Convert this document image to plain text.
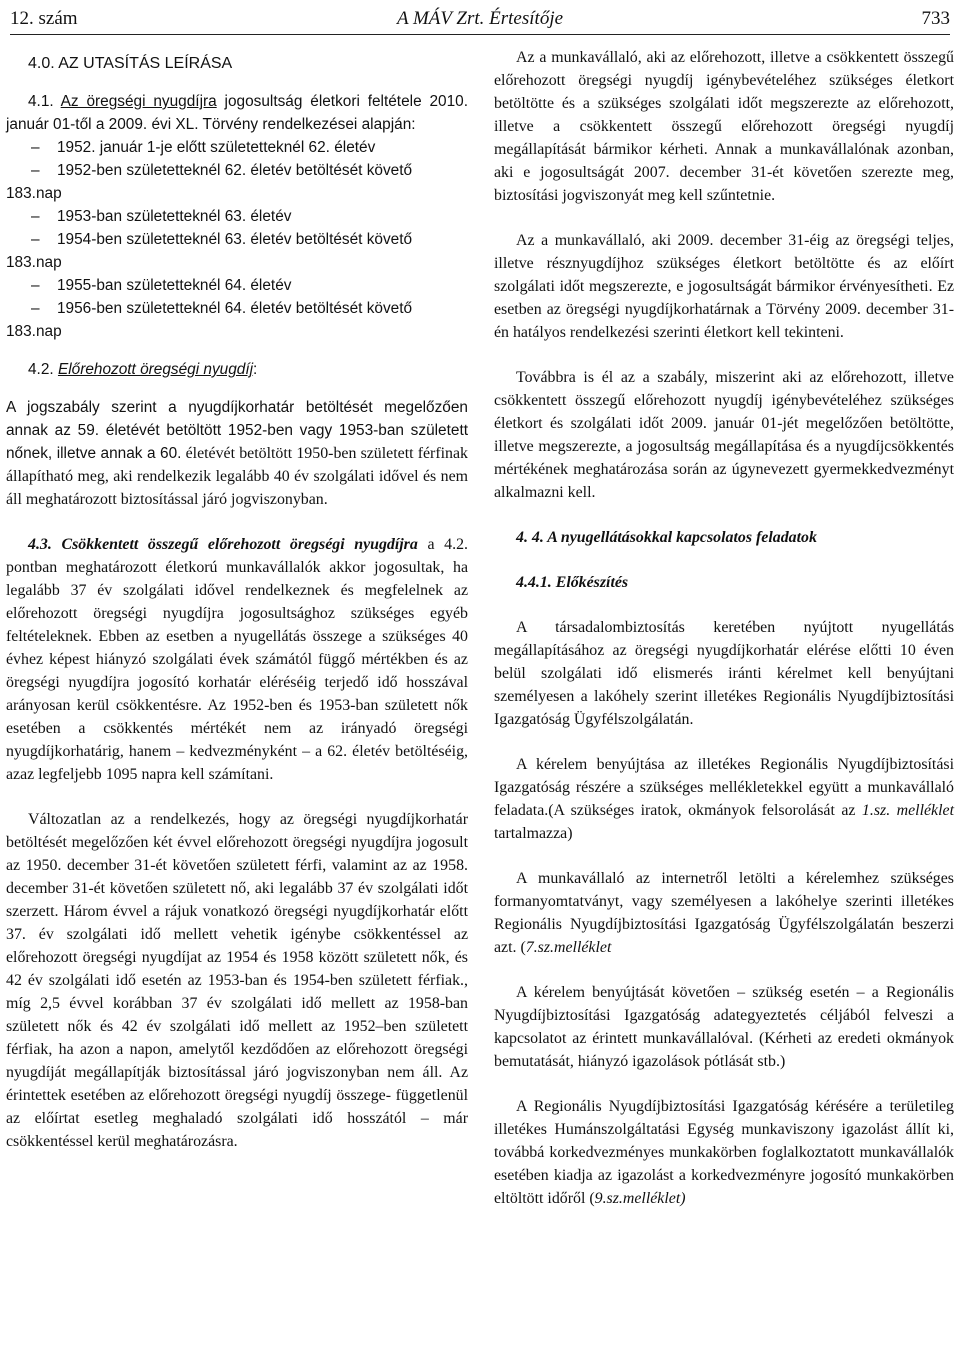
12. szám	A MÁV Zrt. Értesítője	733
4.0. AZ UTASÍTÁS LEÍRÁSA

4.1. Az öregségi nyugdíjra jogosultság életkori feltétele 2010. január 01-től a 2009. évi XL. Törvény rendelkezései alapján:

– 1952. január 1-je előtt születetteknél 62. életév
– 1952-ben születetteknél 62. életév betöltését követő
183.nap
– 1953-ban születetteknél 63. életév
– 1954-ben születetteknél 63. életév betöltését követő
183.nap
– 1955-ban születetteknél 64. életév
– 1956-ben születetteknél 64. életév betöltését követő
183.nap

4.2. Előrehozott öregségi nyugdíj:

A jogszabály szerint a nyugdíjkorhatár betöltését megelőzően annak az 59. életévét betöltött 1952-ben vagy 1953-ban született nőnek, illetve annak a 60. életévét betöltött 1950-ben született férfinak állapítható meg, aki rendelkezik legalább 40 év szolgálati idővel és nem áll meghatározott biztosítással járó jogviszonyban.

4.3. Csökkentett összegű előrehozott öregségi nyugdíjra a 4.2. pontban meghatározott életkorú munkavállalók akkor jogosultak, ha legalább 37 év szolgálati idővel rendelkeznek és megfelelnek az előrehozott öregségi nyugdíjra jogosultsághoz szükséges egyéb feltételeknek. Ebben az esetben a nyugellátás összege a szükséges 40 évhez képest hiányzó szolgálati évek számától függő mértékben és az öregségi nyugdíjra jogosító korhatár eléréséig terjedő idő hosszával arányosan kerül csökkentésre. Az 1952-ben és 1953-ban született nők esetében a csökkentés mértékét nem az irányadó öregségi nyugdíjkorhatárig, hanem – kedvezményként – a 62. életév betöltéséig, azaz legfeljebb 1095 napra kell számítani.

Változatlan az a rendelkezés, hogy az öregségi nyugdíjkorhatár betöltését megelőzően két évvel előrehozott öregségi nyugdíjra jogosult az 1950. december 31-ét követően született férfi, valamint az az 1958. december 31-ét követően született nő, aki legalább 37 év szolgálati időt szerzett. Három évvel a rájuk vonatkozó öregségi nyugdíjkorhatár előtt 37. év szolgálati idő mellett vehetik igénybe csökkentéssel az előrehozott öregségi nyugdíjat az 1954 és 1958 között született nők, és 42 év szolgálati idő esetén az 1953-ban és 1954-ben született férfiak., míg 2,5 évvel korábban 37 év szolgálati idő mellett az 1958-ban született nők és 42 év szolgálati idő mellett az 1952–ben született férfiak, ha azon a napon, amelytől kezdődően az előrehozott öregségi nyugdíját megállapítják biztosítással járó jogviszonyban nem áll. Az érintettek esetében az előrehozott öregségi nyugdíj összege- függetlenül az előírtat esetleg meghaladó szolgálati idő hosszától – már csökkentéssel kerül meghatározásra.

Az a munkavállaló, aki az előrehozott, illetve a csökkentett összegű előrehozott öregségi nyugdíj igénybevételéhez szükséges életkort betöltötte és a szükséges szolgálati időt megszerezte az előrehozott, illetve a csökkentett összegű előrehozott öregségi nyugdíj megállapítását bármikor kérheti. Annak a munkavállalónak azonban, aki e jogosultságát 2007. december 31-ét követően szerezte meg, biztosítási jogviszonyát meg kell szűntetnie.

Az a munkavállaló, aki 2009. december 31-éig az öregségi teljes, illetve résznyugdíjhoz szükséges életkort betöltötte és az előírt szolgálati időt megszerezte, e jogosultságát bármikor érvényesítheti. Ez esetben az öregségi nyugdíjkorhatárnak a Törvény 2009. december 31-én hatályos rendelkezési szerinti életkort kell tekinteni.

Továbbra is él az a szabály, miszerint aki az előrehozott, illetve csökkentett összegű előrehozott nyugdíj igénybevételéhez szükséges életkort és szolgálati időt 2009. január 01-jét megelőzően betöltötte, illetve megszerezte, a jogosultság megállapítása és a nyugdíjcsökkentés mértékének meghatározása során az úgynevezett gyermekkedvezményt alkalmazni kell.

4. 4. A nyugellátásokkal kapcsolatos feladatok

4.4.1. Előkészítés

A társadalombiztosítás keretében nyújtott nyugellátás megállapításához az öregségi nyugdíjkorhatár elérése előtti 10 éven belül szolgálati idő elismerés iránti kérelmet kell benyújtani személyesen a lakóhely szerint illetékes Regionális Nyugdíjbiztosítási Igazgatóság Ügyfélszolgálatán.

A kérelem benyújtása az illetékes Regionális Nyugdíjbiztosítási Igazgatóság részére a szükséges mellékletekkel együtt a munkavállaló feladata.(A szükséges iratok, okmányok felsorolását az 1.sz. melléklet tartalmazza)

A munkavállaló az internetről letölti a kérelemhez szükséges formanyomtatványt, vagy személyesen a lakóhelye szerinti illetékes Regionális Nyugdíjbiztosítási Igazgatóság Ügyfélszolgálatán beszerzi azt. (7.sz.melléklet

A kérelem benyújtását követően – szükség esetén – a Regionális Nyugdíjbiztosítási Igazgatóság adategyeztetés céljából felveszi a kapcsolatot az érintett munkavállalóval. (Kérheti az eredeti okmányok bemutatását, hiányzó igazolások pótlását stb.)

A Regionális Nyugdíjbiztosítási Igazgatóság kérésére a területileg illetékes Humánszolgáltatási Egység munkaviszony igazolást állít ki, továbbá korkedvezményes munkakörben foglalkoztatott munkavállalók esetében kiadja az igazolást a korkedvezményre jogosító munkakörben eltöltött időről (9.sz.melléklet)
